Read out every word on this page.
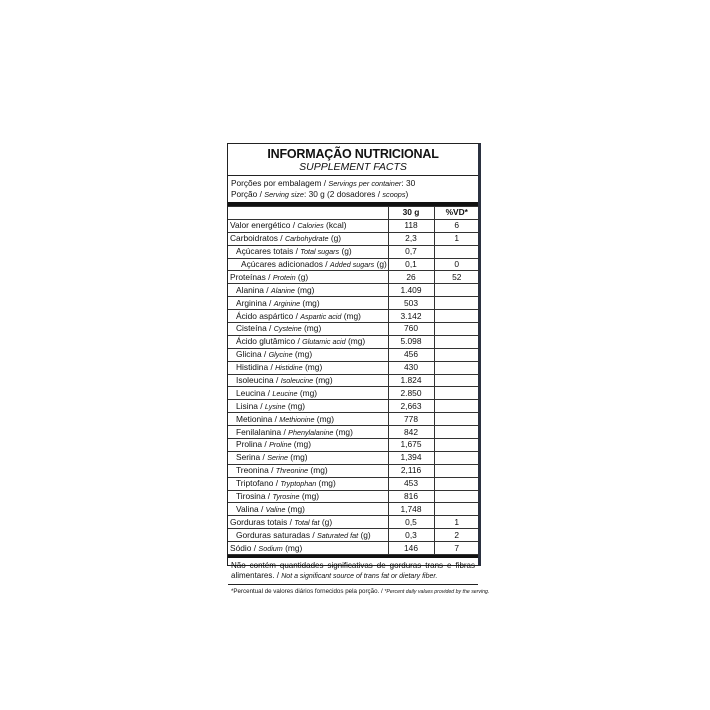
INFORMAÇÃO NUTRICIONAL
SUPPLEMENT FACTS
Porções por embalagem / Servings per container: 30
Porção / Serving size: 30 g (2 dosadores / scoops)
	30 g	%VD*
Valor energético / Calories (kcal)	118	6
Carboidratos / Carbohydrate (g)	2,3	1
Açúcares totais / Total sugars (g)	0,7	
Açúcares adicionados / Added sugars (g)	0,1	0
Proteínas / Protein (g)	26	52
Alanina / Alanine (mg)	1.409	
Arginina / Arginine (mg)	503	
Ácido aspártico / Aspartic acid (mg)	3.142	
Cisteína / Cysteine (mg)	760	
Ácido glutâmico / Glutamic acid (mg)	5.098	
Glicina / Glycine (mg)	456	
Histidina / Histidine (mg)	430	
Isoleucina / Isoleucine (mg)	1.824	
Leucina / Leucine (mg)	2.850	
Lisina / Lysine (mg)	2,663	
Metionina / Methionine (mg)	778	
Fenilalanina / Phenylalanine (mg)	842	
Prolina / Proline (mg)	1,675	
Serina / Serine (mg)	1,394	
Treonina / Threonine (mg)	2,116	
Triptofano / Tryptophan (mg)	453	
Tirosina / Tyrosine (mg)	816	
Valina / Valine (mg)	1,748	
Gorduras totais / Total fat (g)	0,5	1
Gorduras saturadas / Saturated fat (g)	0,3	2
Sódio / Sodium (mg)	146	7
Não contém quantidades significativas de gorduras trans e fibras alimentares. / Not a significant source of trans fat or dietary fiber.
*Percentual de valores diários fornecidos pela porção. / *Percent daily values provided by the serving.
